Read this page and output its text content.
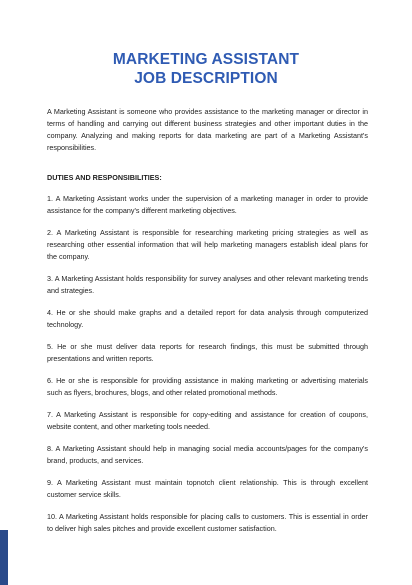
MARKETING ASSISTANT
JOB DESCRIPTION

A Marketing Assistant is someone who provides assistance to the marketing manager or director in terms of handling and carrying out different business strategies and other important duties in the company. Analyzing and making reports for data marketing are part of a Marketing Assistant's responsibilities.

DUTIES AND RESPONSIBILITIES:

1. A Marketing Assistant works under the supervision of a marketing manager in order to provide assistance for the company's different marketing objectives.

2. A Marketing Assistant is responsible for researching marketing pricing strategies as well as researching other essential information that will help marketing managers establish ideal plans for the company.

3. A Marketing Assistant holds responsibility for survey analyses and other relevant marketing trends and strategies.

4. He or she should make graphs and a detailed report for data analysis through computerized technology.

5. He or she must deliver data reports for research findings, this must be submitted through presentations and written reports.

6. He or she is responsible for providing assistance in making marketing or advertising materials such as flyers, brochures, blogs, and other related promotional methods.

7. A Marketing Assistant is responsible for copy-editing and assistance for creation of coupons, website content, and other marketing tools needed.

8. A Marketing Assistant should help in managing social media accounts/pages for the company's brand, products, and services.

9. A Marketing Assistant must maintain topnotch client relationship. This is through excellent customer service skills.

10. A Marketing Assistant holds responsible for placing calls to customers. This is essential in order to deliver high sales pitches and provide excellent customer satisfaction.
